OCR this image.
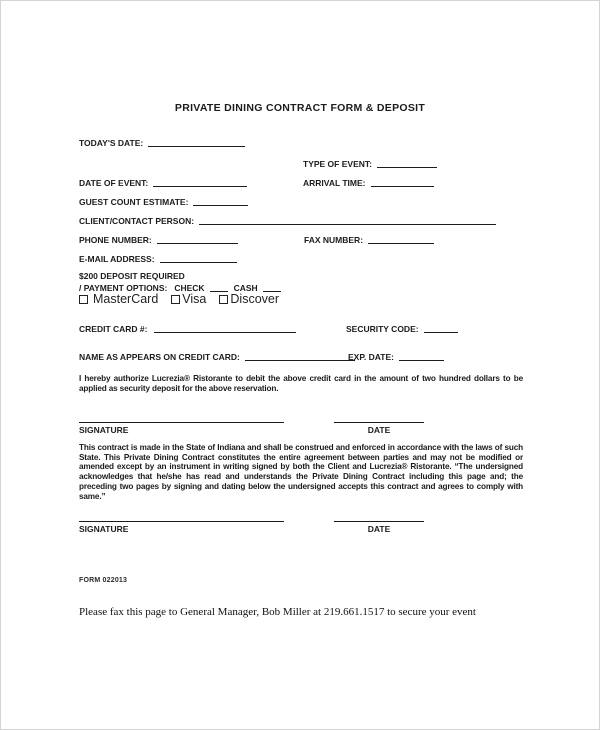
PRIVATE DINING CONTRACT FORM & DEPOSIT
TODAY'S DATE:
TYPE OF EVENT:
DATE OF EVENT:	ARRIVAL TIME:
GUEST COUNT ESTIMATE:
CLIENT/CONTACT PERSON:
PHONE NUMBER:	FAX NUMBER:
E-MAIL ADDRESS:
$200 DEPOSIT REQUIRED
/ PAYMENT OPTIONS: CHECK	CASH
MasterCard Visa Discover
CREDIT CARD #:	SECURITY CODE:
NAME AS APPEARS ON CREDIT CARD:	EXP. DATE:
I hereby authorize Lucrezia® Ristorante to debit the above credit card in the amount of two hundred dollars to be applied as security deposit for the above reservation.
SIGNATURE	DATE
This contract is made in the State of Indiana and shall be construed and enforced in accordance with the laws of such State. This Private Dining Contract constitutes the entire agreement between parties and may not be modified or amended except by an instrument in writing signed by both the Client and Lucrezia® Ristorante. “The undersigned acknowledges that he/she has read and understands the Private Dining Contract including this page and; the preceding two pages by signing and dating below the undersigned accepts this contract and agrees to comply with same.”
SIGNATURE	DATE
FORM 022013
Please fax this page to General Manager, Bob Miller at 219.661.1517 to secure your event
